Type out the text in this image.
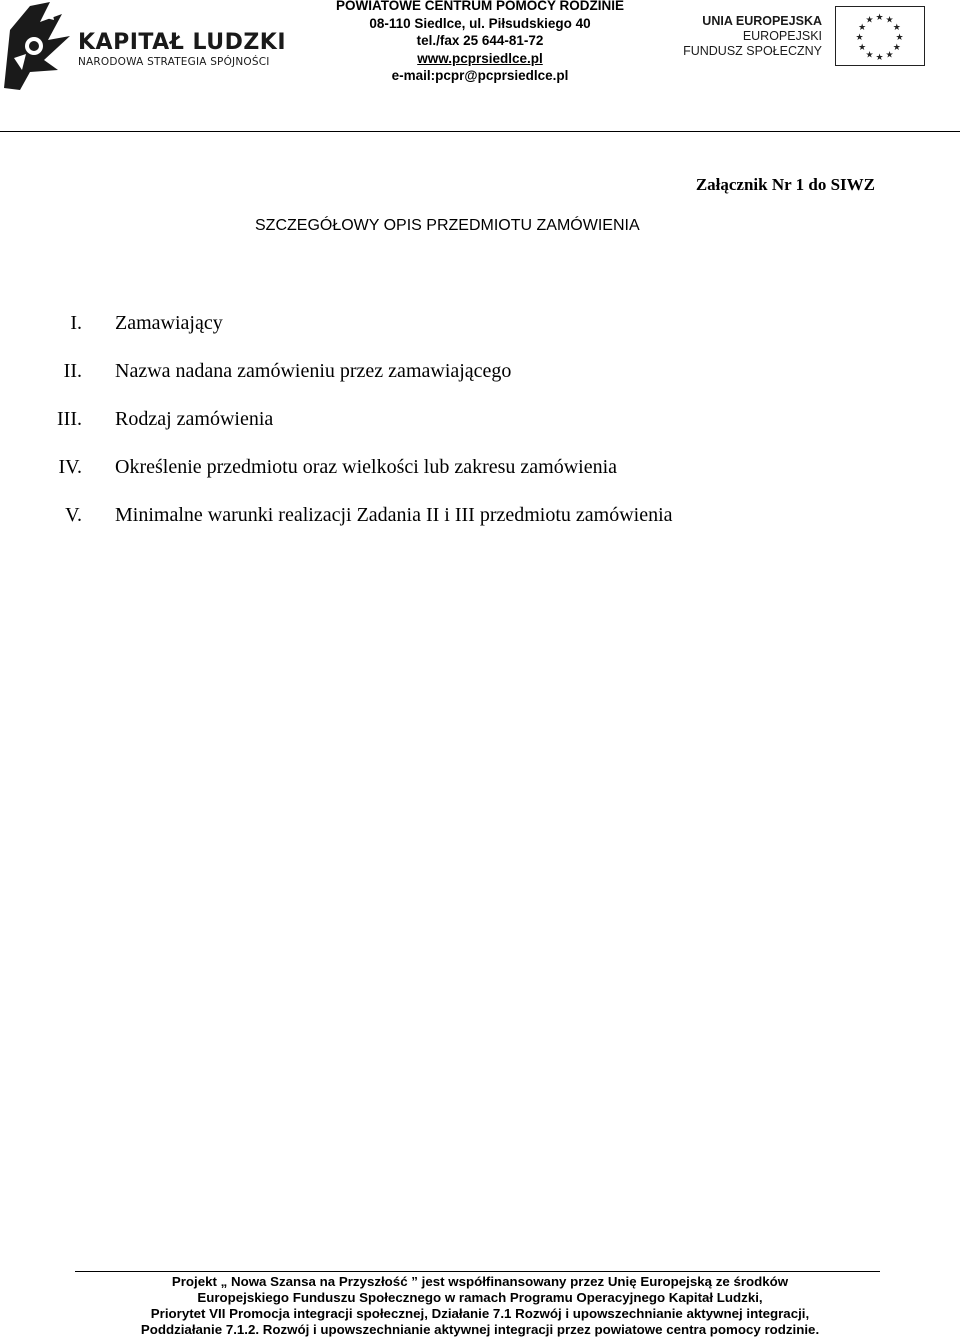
KAPITAŁ LUDZKI
NARODOWA STRATEGIA SPÓJNOŚCI
POWIATOWE CENTRUM POMOCY RODZINIE
08-110 Siedlce, ul. Piłsudskiego 40
tel./fax 25 644-81-72
www.pcprsiedlce.pl
e-mail:pcpr@pcprsiedlce.pl
UNIA EUROPEJSKA
EUROPEJSKI
FUNDUSZ SPOŁECZNY
★ ★
★
★
★
★
★
★
★
★
★
★
Załącznik Nr 1 do SIWZ
SZCZEGÓŁOWY OPIS PRZEDMIOTU ZAMÓWIENIA
I. Zamawiający
II. Nazwa nadana zamówieniu przez zamawiającego
III. Rodzaj zamówienia
IV. Określenie przedmiotu oraz wielkości lub zakresu zamówienia
V. Minimalne warunki realizacji Zadania II i III przedmiotu zamówienia
Projekt „ Nowa Szansa na Przyszłość ” jest współfinansowany przez Unię Europejską ze środków
Europejskiego Funduszu Społecznego w ramach Programu Operacyjnego Kapitał Ludzki,
Priorytet VII Promocja integracji społecznej, Działanie 7.1 Rozwój i upowszechnianie aktywnej integracji,
Poddziałanie 7.1.2. Rozwój i upowszechnianie aktywnej integracji przez powiatowe centra pomocy rodzinie.
